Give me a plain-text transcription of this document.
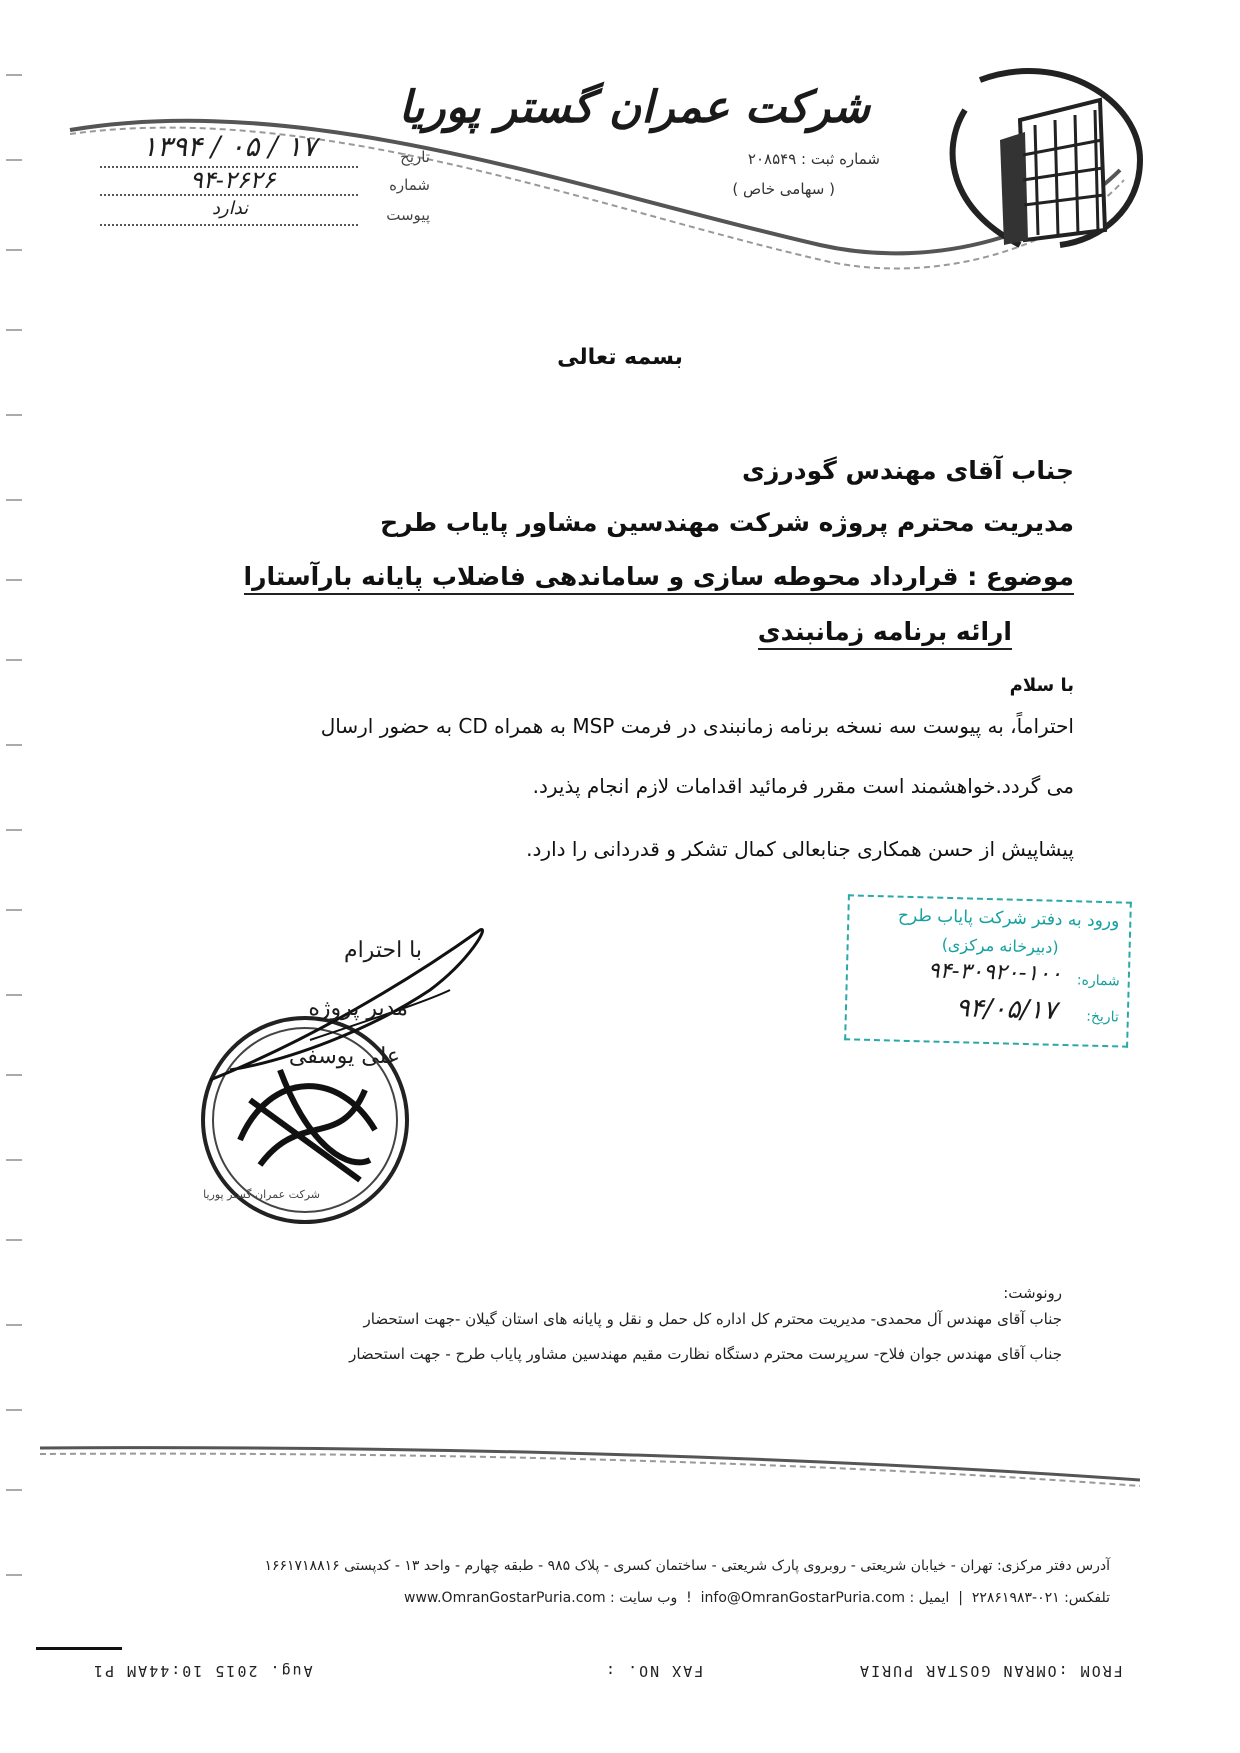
شرکت عمران گستر پوریا
شماره ثبت : ۲۰۸۵۴۹
( سهامی خاص )
تاریخ
۱۳۹۴ / ۰۵ / ۱۷
شماره
۹۴-۲۶۲۶
پیوست
ندارد
بسمه تعالی
جناب آقای مهندس گودرزی
مدیریت محترم پروژه شرکت مهندسین مشاور پایاب طرح
موضوع : قرارداد محوطه سازی و ساماندهی فاضلاب پایانه بارآستارا
ارائه برنامه زمانبندی
با سلام
احتراماً، به پیوست سه نسخه برنامه زمانبندی در فرمت MSP به همراه CD به حضور ارسال
می گردد.خواهشمند است مقرر فرمائید اقدامات لازم انجام پذیرد.
پیشاپیش از حسن همکاری جنابعالی کمال تشکر و قدردانی را دارد.
ورود به دفتر شرکت پایاب طرح
(دبیرخانه مرکزی)
شماره:
۹۴-۳۰۹۲۰-۱۰۰
تاریخ:
۹۴/۰۵/۱۷
با احترام
مدیر پروژه
علی یوسفی
شرکت عمران گستر پوریا
رونوشت:
جناب آقای مهندس آل محمدی- مدیریت محترم کل اداره کل حمل و نقل و پایانه های استان گیلان -جهت استحضار
جناب آقای مهندس جوان فلاح- سرپرست محترم دستگاه نظارت مقیم مهندسین مشاور پایاب طرح - جهت استحضار
آدرس دفتر مرکزی: تهران - خیابان شریعتی - روبروی پارک شریعتی - ساختمان کسری - پلاک ۹۸۵ - طبقه چهارم - واحد ۱۳ - کدپستی ۱۶۶۱۷۱۸۸۱۶
تلفکس: ۰۲۱-۲۲۸۶۱۹۸۳  |  ایمیل : info@OmranGostarPuria.com  !  وب سایت : www.OmranGostarPuria.com
Aug. 2015 10:44AM P1	FAX NO. :	FROM :OMRAN GOSTAR PURIA
